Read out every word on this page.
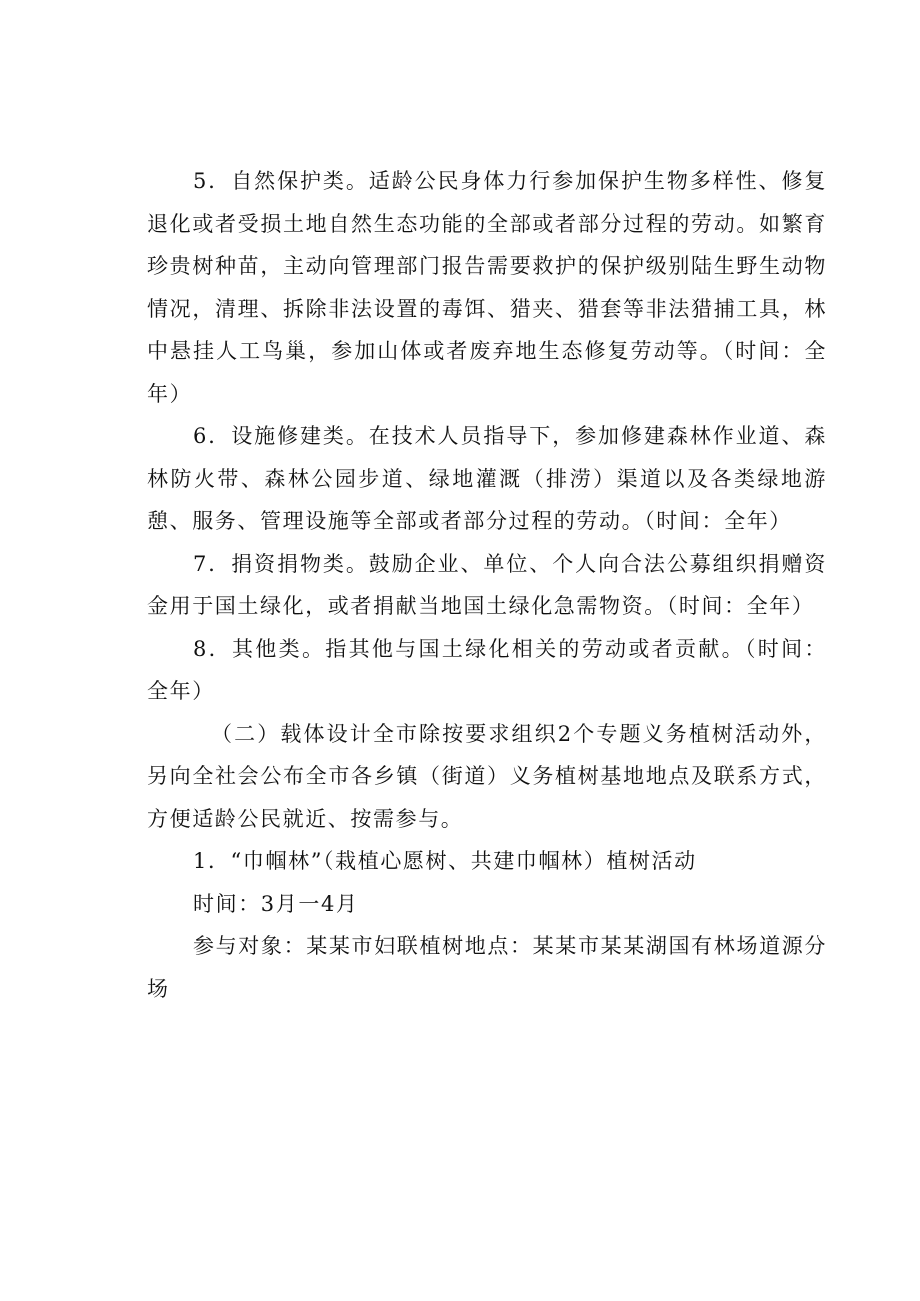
5．自然保护类。适龄公民身体力行参加保护生物多样性、修复退化或者受损土地自然生态功能的全部或者部分过程的劳动。如繁育珍贵树种苗，主动向管理部门报告需要救护的保护级别陆生野生动物情况，清理、拆除非法设置的毒饵、猎夹、猎套等非法猎捕工具，林中悬挂人工鸟巢，参加山体或者废弃地生态修复劳动等。（时间：全年）

6．设施修建类。在技术人员指导下，参加修建森林作业道、森林防火带、森林公园步道、绿地灌溉（排涝）渠道以及各类绿地游憩、服务、管理设施等全部或者部分过程的劳动。（时间：全年）

7．捐资捐物类。鼓励企业、单位、个人向合法公募组织捐赠资金用于国土绿化，或者捐献当地国土绿化急需物资。（时间：全年）

8．其他类。指其他与国土绿化相关的劳动或者贡献。（时间：全年）

（二）载体设计全市除按要求组织2个专题义务植树活动外，另向全社会公布全市各乡镇（街道）义务植树基地地点及联系方式，方便适龄公民就近、按需参与。

1．“巾帼林”（栽植心愿树、共建巾帼林）植树活动

时间：3月一4月

参与对象：某某市妇联植树地点：某某市某某湖国有林场道源分场
